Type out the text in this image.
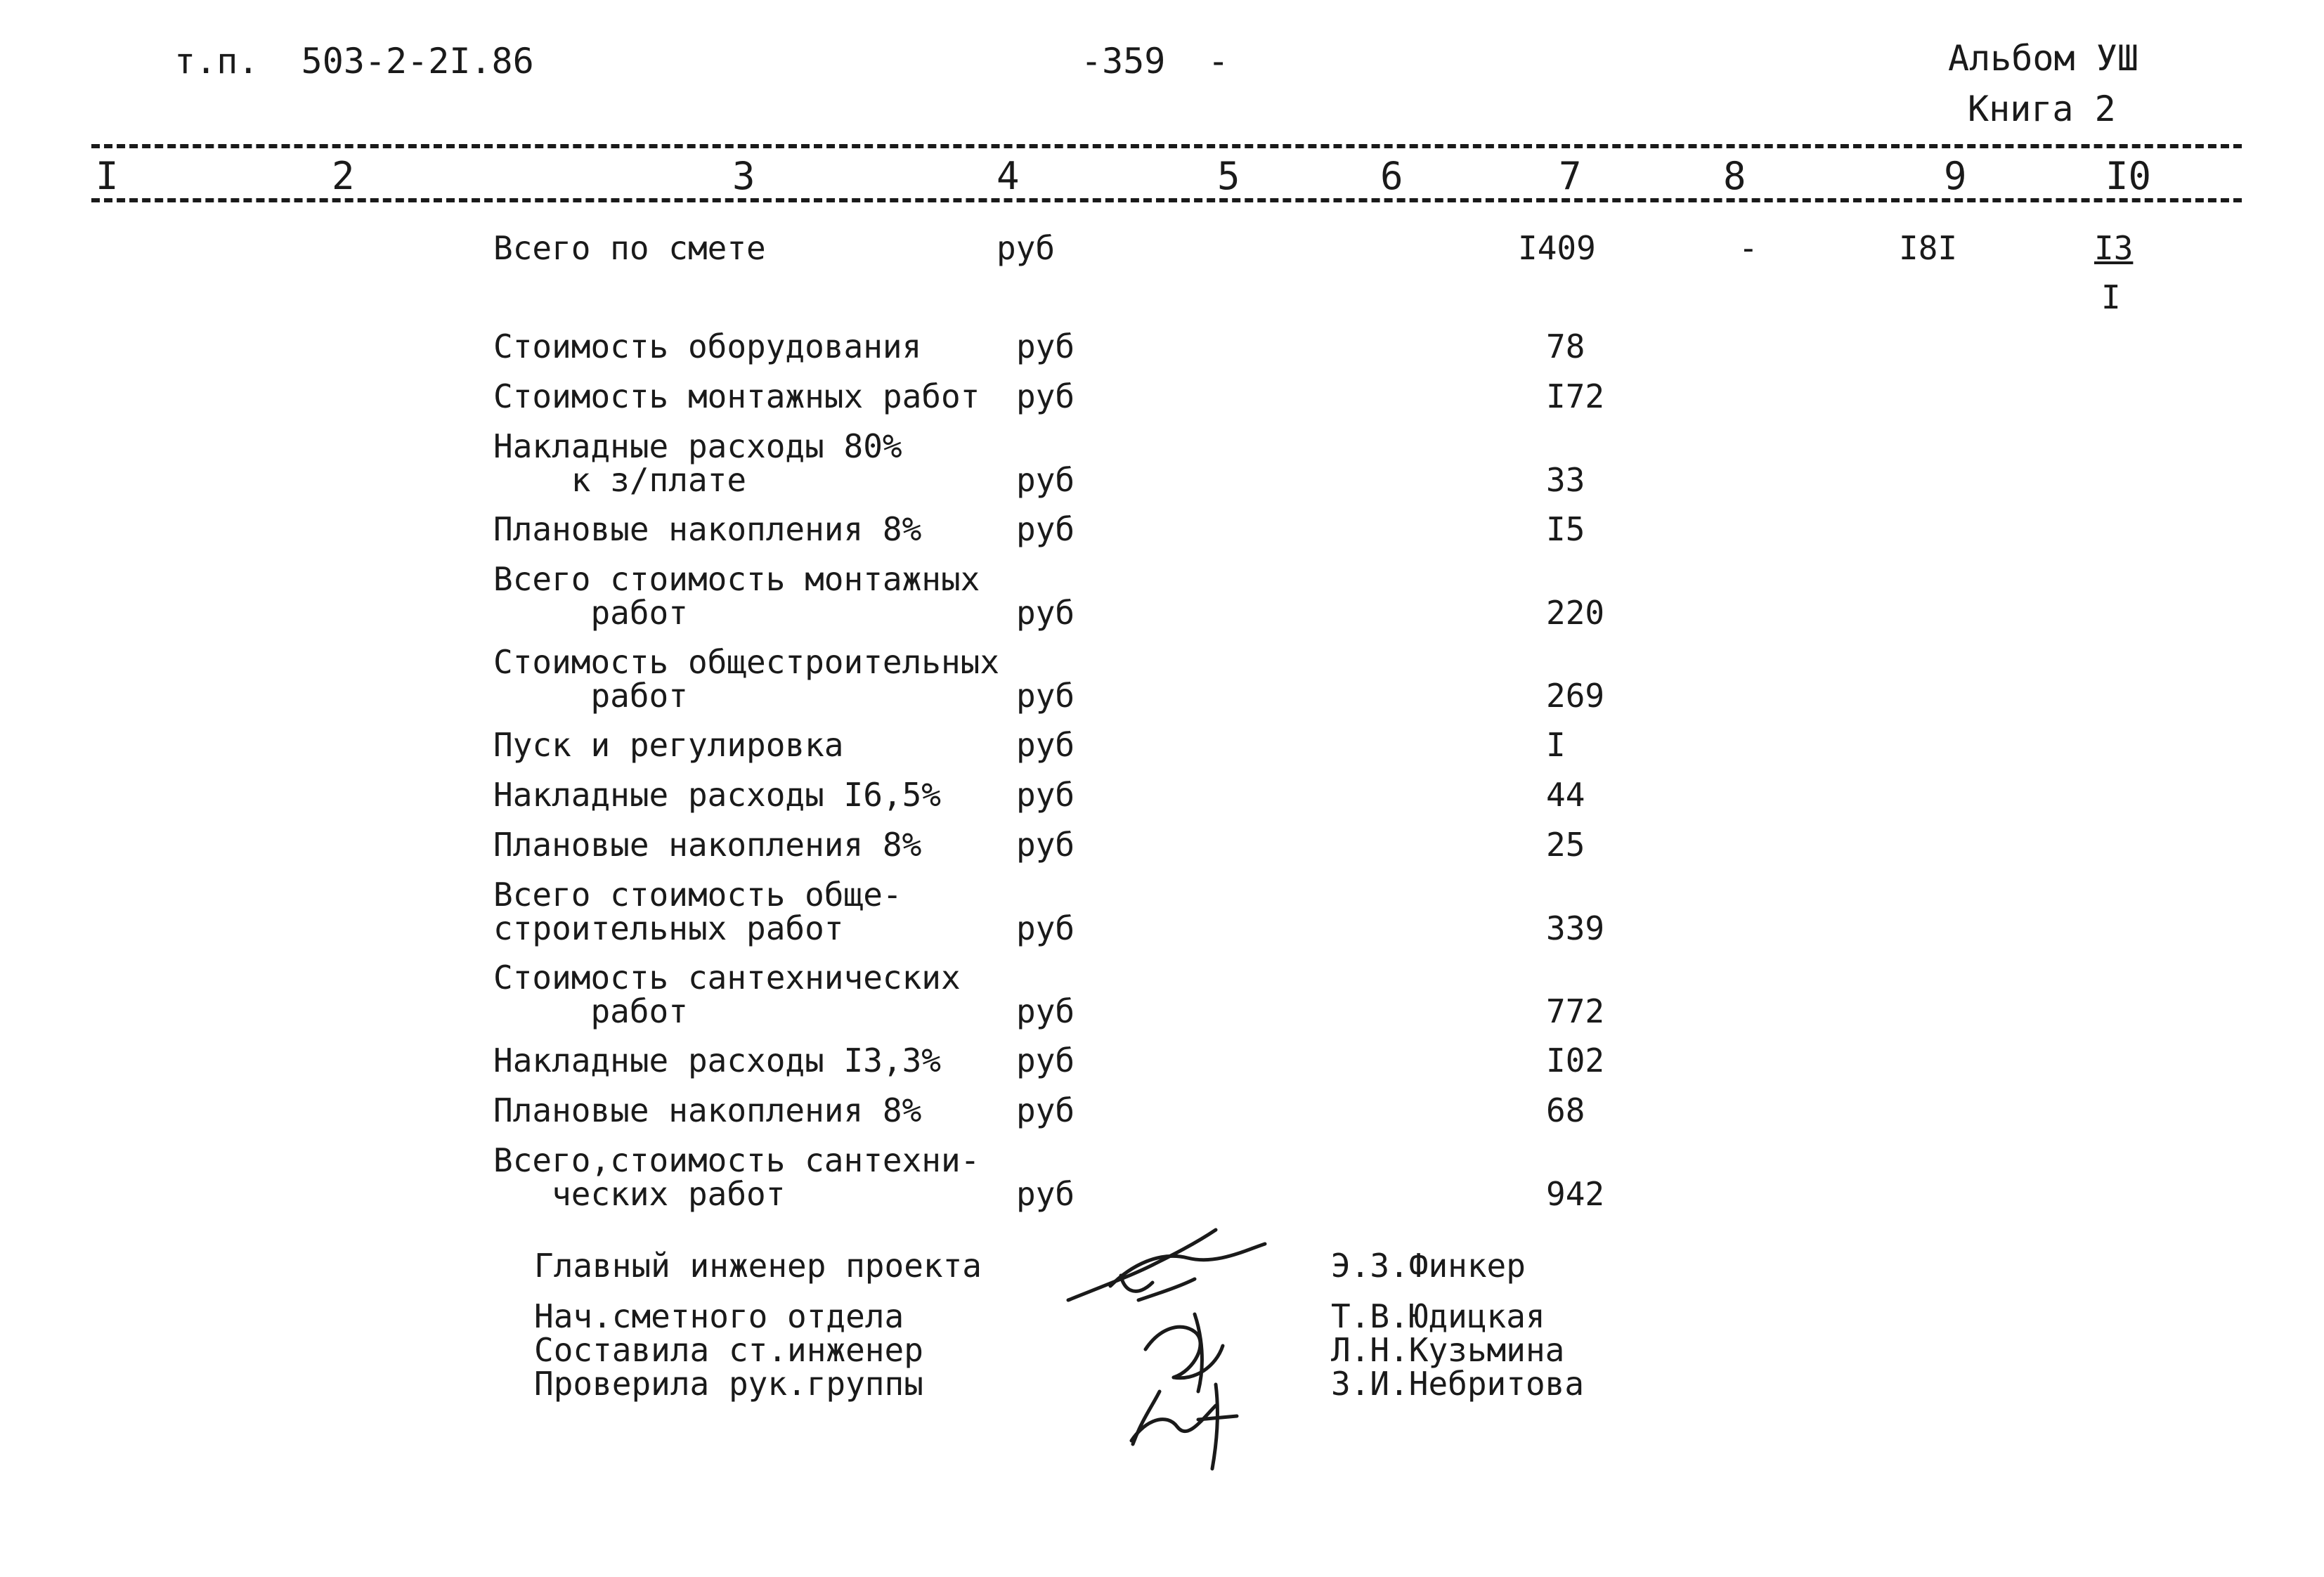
т.п.  503-2-2I.86	-359  -	Альбом УШ
Книга 2
I	2	3	4	5	6	7	8	9	I0
Всего по смете	руб	I409	-	I8I	I3
I
Стоимость оборудования	руб	78
Стоимость монтажных работ руб	I72
Накладные расходы 80%
к з/плате	руб	33
Плановые накопления 8%	руб	I5
Всего стоимость монтажных
работ	руб	220
Стоимость общестроительных
работ	руб	269
Пуск и регулировка	руб	I
Накладные расходы I6,5% руб	44
Плановые накопления 8%	руб	25
Всего стоимость обще-
строительных работ	руб	339
Стоимость сантехнических
работ	руб	772
Накладные расходы I3,3% руб	I02
Плановые накопления 8%	руб	68
Всего,стоимость сантехни-
ческих работ	руб	942
Главный инженер проекта	Э.З.Финкер
Нач.сметного отдела	Т.В.Юдицкая
Составила ст.инженер	Л.Н.Кузьмина
Проверила рук.группы	З.И.Небритова
